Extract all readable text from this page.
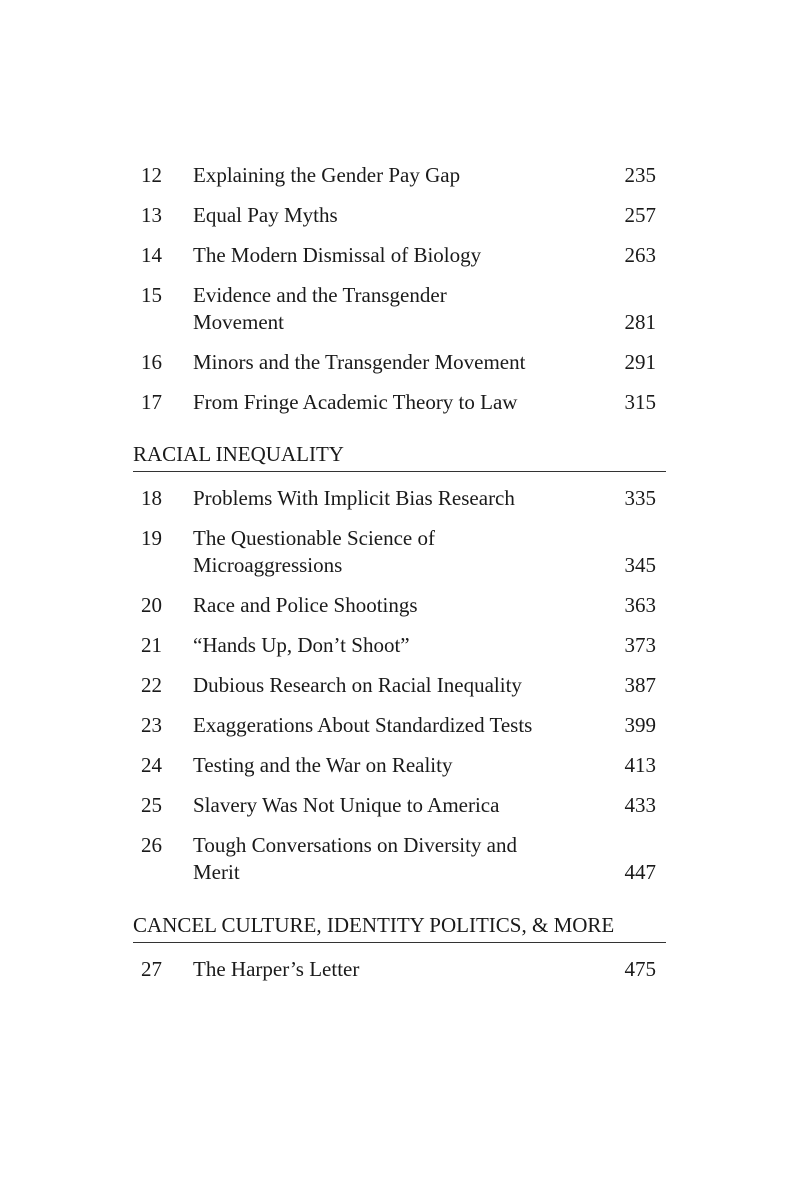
12	Explaining the Gender Pay Gap	235
13	Equal Pay Myths	257
14	The Modern Dismissal of Biology	263
15	Evidence and the Transgender
Movement	281
16	Minors and the Transgender Movement	291
17	From Fringe Academic Theory to Law	315
RACIAL INEQUALITY
18	Problems With Implicit Bias Research	335
19	The Questionable Science of
Microaggressions	345
20	Race and Police Shootings	363
21	“Hands Up, Don’t Shoot”	373
22	Dubious Research on Racial Inequality	387
23	Exaggerations About Standardized Tests	399
24	Testing and the War on Reality	413
25	Slavery Was Not Unique to America	433
26	Tough Conversations on Diversity and
Merit	447
CANCEL CULTURE, IDENTITY POLITICS, & MORE
27	The Harper’s Letter	475
